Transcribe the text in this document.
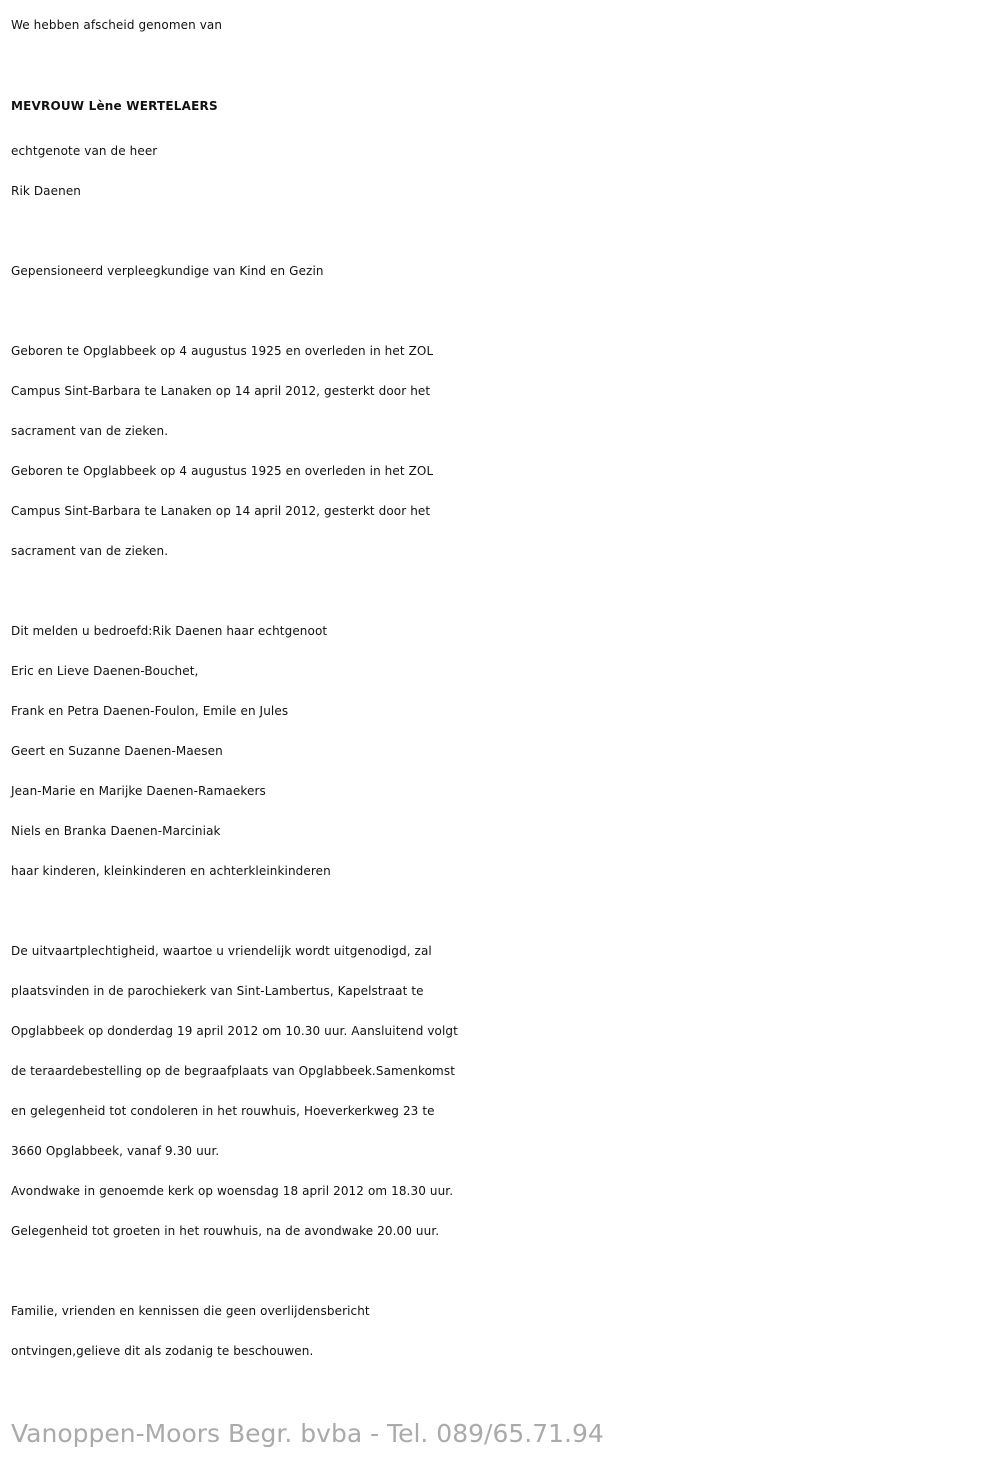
We hebben afscheid genomen van
MEVROUW Lène WERTELAERS
echtgenote van de heer
Rik Daenen
Gepensioneerd verpleegkundige van Kind en Gezin
Geboren te Opglabbeek op 4 augustus 1925 en overleden in het ZOL
Campus Sint-Barbara te Lanaken op 14 april 2012, gesterkt door het
sacrament van de zieken.
Geboren te Opglabbeek op 4 augustus 1925 en overleden in het ZOL
Campus Sint-Barbara te Lanaken op 14 april 2012, gesterkt door het
sacrament van de zieken.
Dit melden u bedroefd:Rik Daenen haar echtgenoot
Eric en Lieve Daenen-Bouchet,
Frank en Petra Daenen-Foulon, Emile en Jules
Geert en Suzanne Daenen-Maesen
Jean-Marie en Marijke Daenen-Ramaekers
Niels en Branka Daenen-Marciniak
haar kinderen, kleinkinderen en achterkleinkinderen
De uitvaartplechtigheid, waartoe u vriendelijk wordt uitgenodigd, zal
plaatsvinden in de parochiekerk van Sint-Lambertus, Kapelstraat te
Opglabbeek op donderdag 19 april 2012 om 10.30 uur. Aansluitend volgt
de teraardebestelling op de begraafplaats van Opglabbeek.Samenkomst
en gelegenheid tot condoleren in het rouwhuis, Hoeverkerkweg 23 te
3660 Opglabbeek, vanaf 9.30 uur.
Avondwake in genoemde kerk op woensdag 18 april 2012 om 18.30 uur.
Gelegenheid tot groeten in het rouwhuis, na de avondwake 20.00 uur.
Familie, vrienden en kennissen die geen overlijdensbericht
ontvingen,gelieve dit als zodanig te beschouwen.
Vanoppen-Moors Begr. bvba - Tel. 089/65.71.94
